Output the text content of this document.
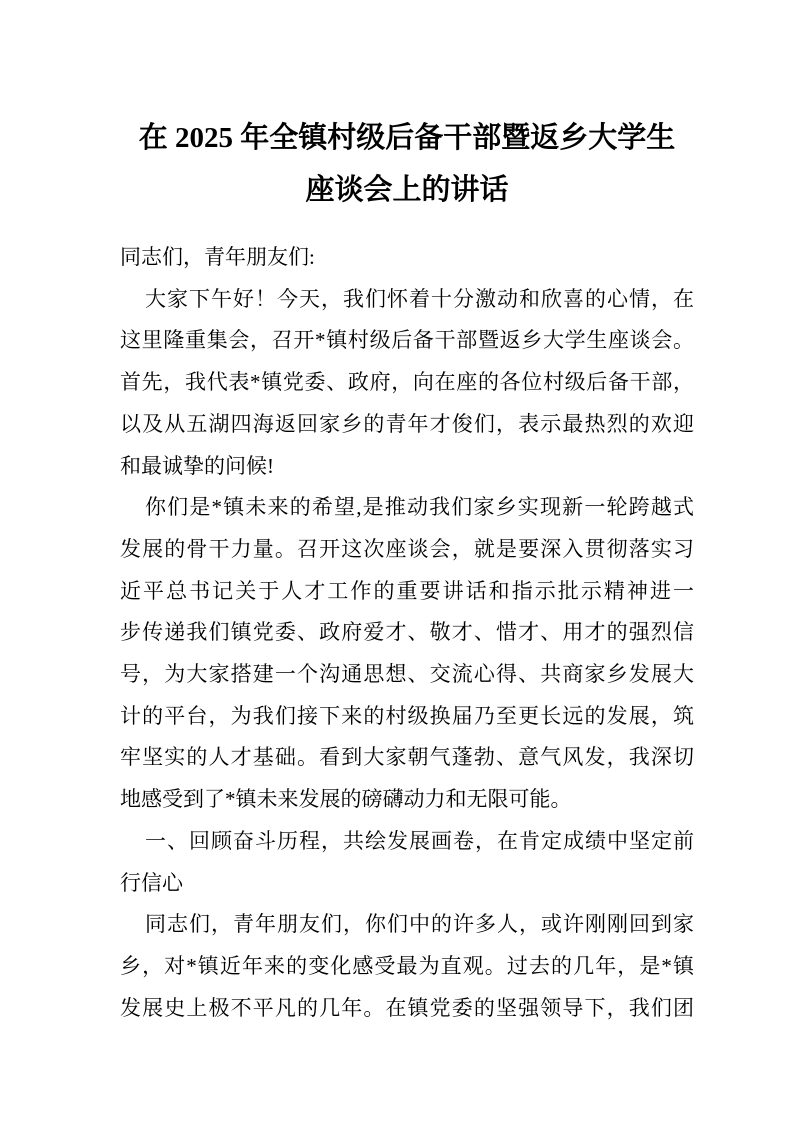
在 2025 年全镇村级后备干部暨返乡大学生
座谈会上的讲话
同志们，青年朋友们:
大家下午好！今天，我们怀着十分激动和欣喜的心情，在
这里隆重集会，召开*镇村级后备干部暨返乡大学生座谈会。
首先，我代表*镇党委、政府，向在座的各位村级后备干部，
以及从五湖四海返回家乡的青年才俊们，表示最热烈的欢迎
和最诚挚的问候!
你们是*镇未来的希望,是推动我们家乡实现新一轮跨越式
发展的骨干力量。召开这次座谈会，就是要深入贯彻落实习
近平总书记关于人才工作的重要讲话和指示批示精神进一
步传递我们镇党委、政府爱才、敬才、惜才、用才的强烈信
号，为大家搭建一个沟通思想、交流心得、共商家乡发展大
计的平台，为我们接下来的村级换届乃至更长远的发展，筑
牢坚实的人才基础。看到大家朝气蓬勃、意气风发，我深切
地感受到了*镇未来发展的磅礴动力和无限可能。
一、回顾奋斗历程，共绘发展画卷，在肯定成绩中坚定前
行信心
同志们，青年朋友们，你们中的许多人，或许刚刚回到家
乡，对*镇近年来的变化感受最为直观。过去的几年，是*镇
发展史上极不平凡的几年。在镇党委的坚强领导下，我们团
